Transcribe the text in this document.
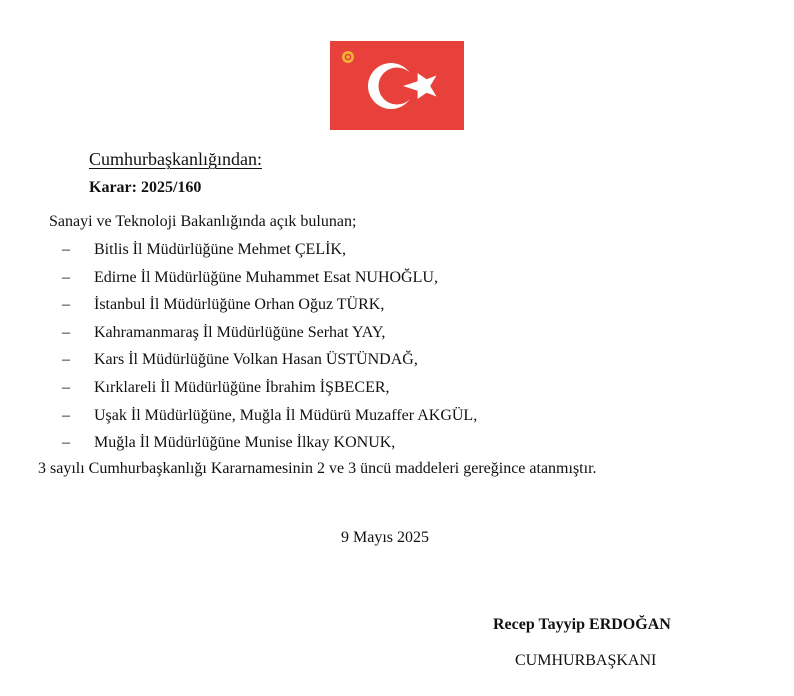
Cumhurbaşkanlığından:
Karar: 2025/160
Sanayi ve Teknoloji Bakanlığında açık bulunan;
–	Bitlis İl Müdürlüğüne Mehmet ÇELİK,
–	Edirne İl Müdürlüğüne Muhammet Esat NUHOĞLU,
–	İstanbul İl Müdürlüğüne Orhan Oğuz TÜRK,
–	Kahramanmaraş İl Müdürlüğüne Serhat YAY,
–	Kars İl Müdürlüğüne Volkan Hasan ÜSTÜNDAĞ,
–	Kırklareli İl Müdürlüğüne İbrahim İŞBECER,
–	Uşak İl Müdürlüğüne, Muğla İl Müdürü Muzaffer AKGÜL,
–	Muğla İl Müdürlüğüne Munise İlkay KONUK,
3 sayılı Cumhurbaşkanlığı Kararnamesinin 2 ve 3 üncü maddeleri gereğince atanmıştır.
9 Mayıs 2025
Recep Tayyip ERDOĞAN
CUMHURBAŞKANI
